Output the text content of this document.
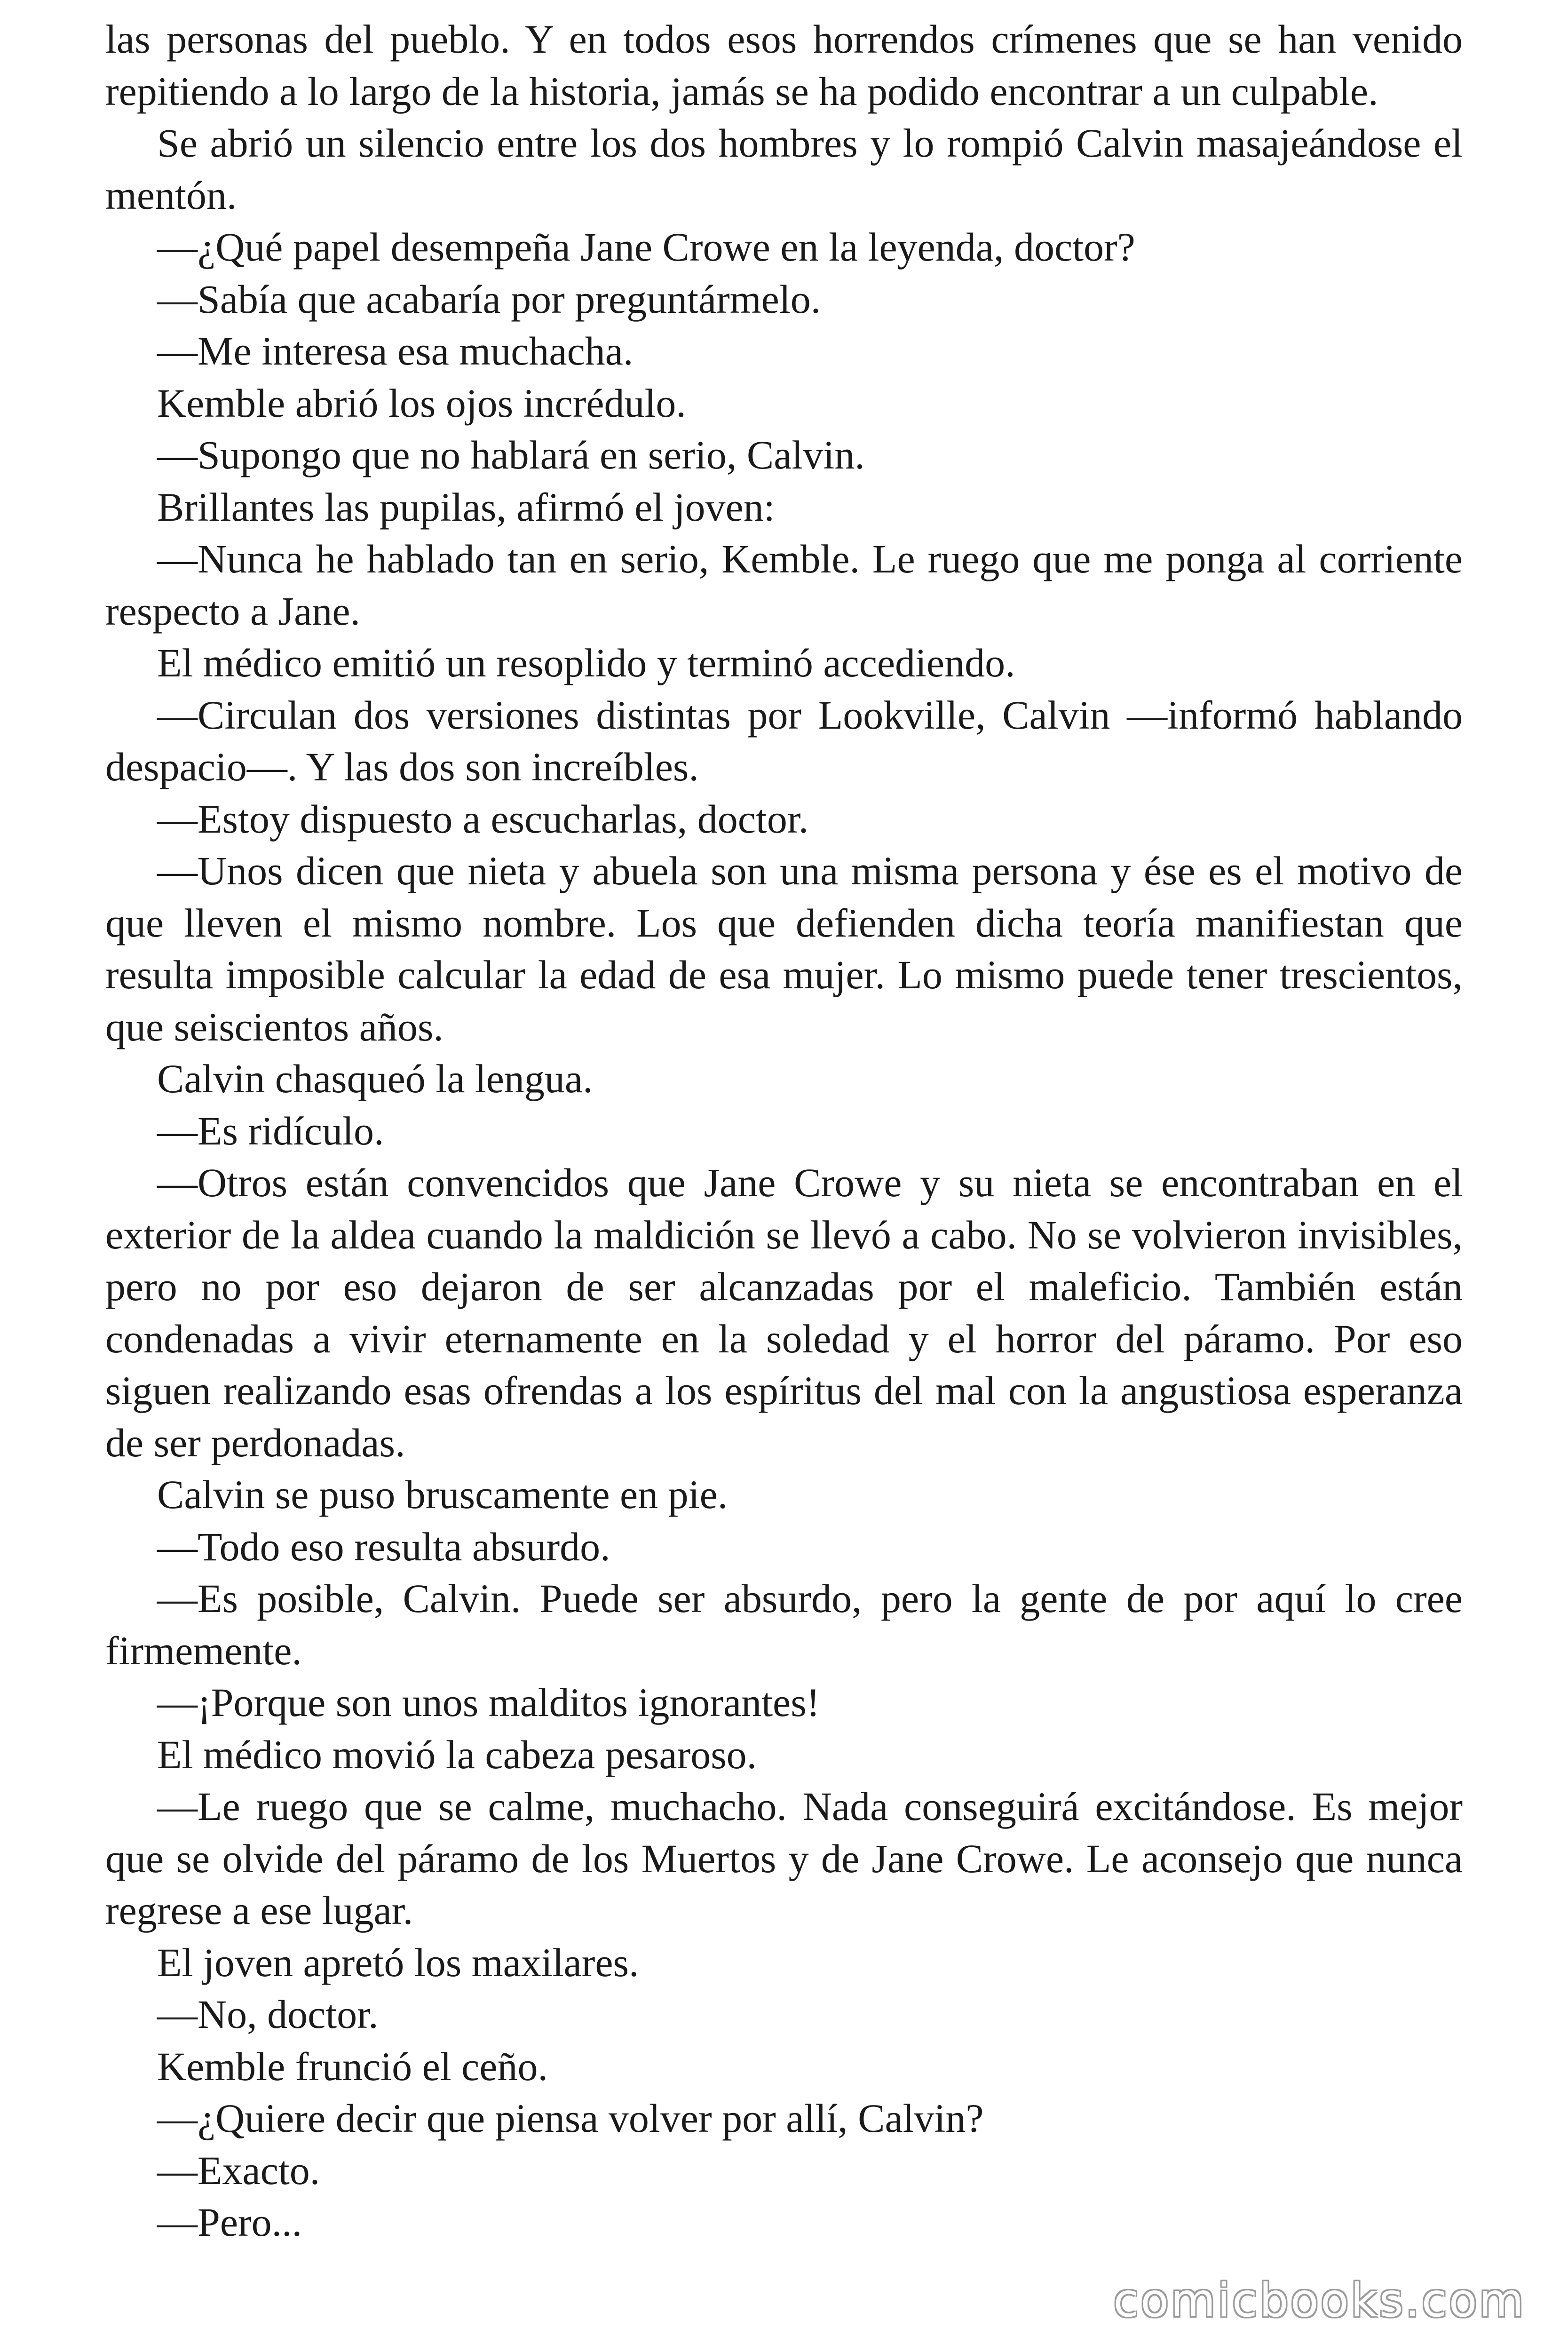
las personas del pueblo. Y en todos esos horrendos crímenes que se han venido repitiendo a lo largo de la historia, jamás se ha podido encontrar a un culpable.

Se abrió un silencio entre los dos hombres y lo rompió Calvin masajeándose el mentón.

—¿Qué papel desempeña Jane Crowe en la leyenda, doctor?

—Sabía que acabaría por preguntármelo.

—Me interesa esa muchacha.

Kemble abrió los ojos incrédulo.

—Supongo que no hablará en serio, Calvin.

Brillantes las pupilas, afirmó el joven:

—Nunca he hablado tan en serio, Kemble. Le ruego que me ponga al corriente respecto a Jane.

El médico emitió un resoplido y terminó accediendo.

—Circulan dos versiones distintas por Lookville, Calvin —informó hablando despacio—. Y las dos son increíbles.

—Estoy dispuesto a escucharlas, doctor.

—Unos dicen que nieta y abuela son una misma persona y ése es el motivo de que lleven el mismo nombre. Los que defienden dicha teoría manifiestan que resulta imposible calcular la edad de esa mujer. Lo mismo puede tener trescientos, que seiscientos años.

Calvin chasqueó la lengua.

—Es ridículo.

—Otros están convencidos que Jane Crowe y su nieta se encontraban en el exterior de la aldea cuando la maldición se llevó a cabo. No se volvieron invisibles, pero no por eso dejaron de ser alcanzadas por el maleficio. También están condenadas a vivir eternamente en la soledad y el horror del páramo. Por eso siguen realizando esas ofrendas a los espíritus del mal con la angustiosa esperanza de ser perdonadas.

Calvin se puso bruscamente en pie.

—Todo eso resulta absurdo.

—Es posible, Calvin. Puede ser absurdo, pero la gente de por aquí lo cree firmemente.

—¡Porque son unos malditos ignorantes!

El médico movió la cabeza pesaroso.

—Le ruego que se calme, muchacho. Nada conseguirá excitándose. Es mejor que se olvide del páramo de los Muertos y de Jane Crowe. Le aconsejo que nunca regrese a ese lugar.

El joven apretó los maxilares.

—No, doctor.

Kemble frunció el ceño.

—¿Quiere decir que piensa volver por allí, Calvin?

—Exacto.

—Pero...

comicbooks.com
